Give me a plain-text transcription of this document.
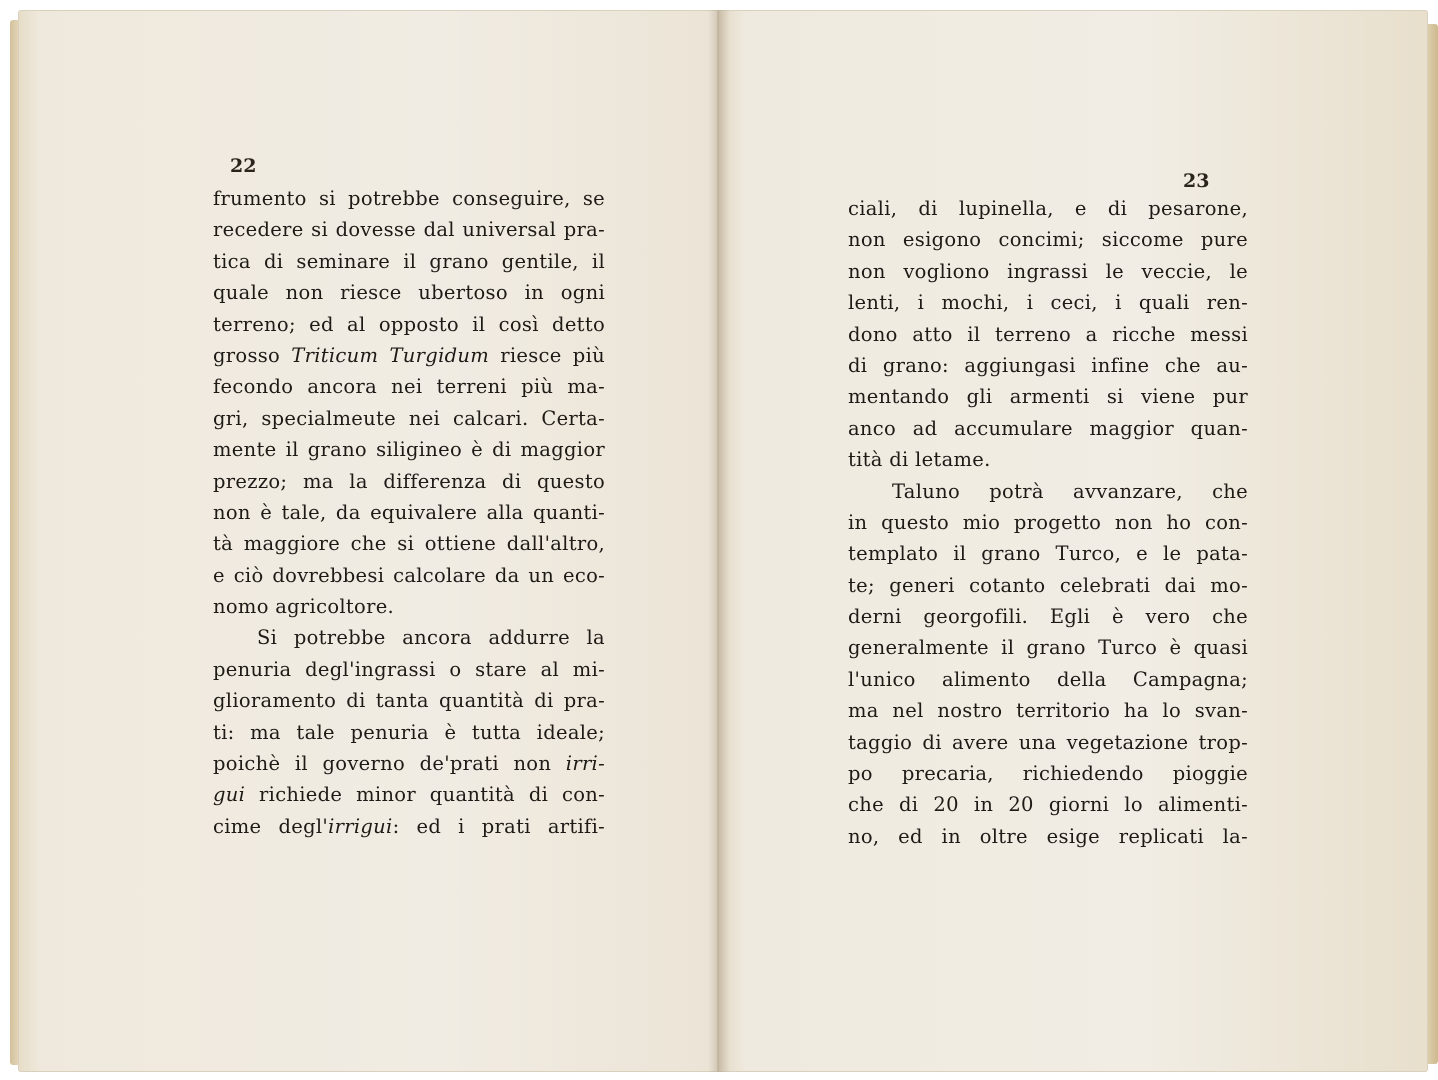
22
frumento si potrebbe conseguire, se
recedere si dovesse dal universal pra-
tica di seminare il grano gentile, il
quale non riesce ubertoso in ogni
terreno; ed al opposto il così detto
grosso Triticum Turgidum riesce più
fecondo ancora nei terreni più ma-
gri, specialmeute nei calcari. Certa-
mente il grano siligineo è di maggior
prezzo; ma la differenza di questo
non è tale, da equivalere alla quanti-
tà maggiore che si ottiene dall'altro,
e ciò dovrebbesi calcolare da un eco-
nomo agricoltore.
Si potrebbe ancora addurre la
penuria degl'ingrassi o stare al mi-
glioramento di tanta quantità di pra-
ti: ma tale penuria è tutta ideale;
poichè il governo de'prati non irri-
gui richiede minor quantità di con-
cime degl'irrigui: ed i prati artifi-
23
ciali, di lupinella, e di pesarone,
non esigono concimi; siccome pure
non vogliono ingrassi le veccie, le
lenti, i mochi, i ceci, i quali ren-
dono atto il terreno a ricche messi
di grano: aggiungasi infine che au-
mentando gli armenti si viene pur
anco ad accumulare maggior quan-
tità di letame.
Taluno potrà avvanzare, che
in questo mio progetto non ho con-
templato il grano Turco, e le pata-
te; generi cotanto celebrati dai mo-
derni georgofili. Egli è vero che
generalmente il grano Turco è quasi
l'unico alimento della Campagna;
ma nel nostro territorio ha lo svan-
taggio di avere una vegetazione trop-
po precaria, richiedendo pioggie
che di 20 in 20 giorni lo alimenti-
no, ed in oltre esige replicati la-
